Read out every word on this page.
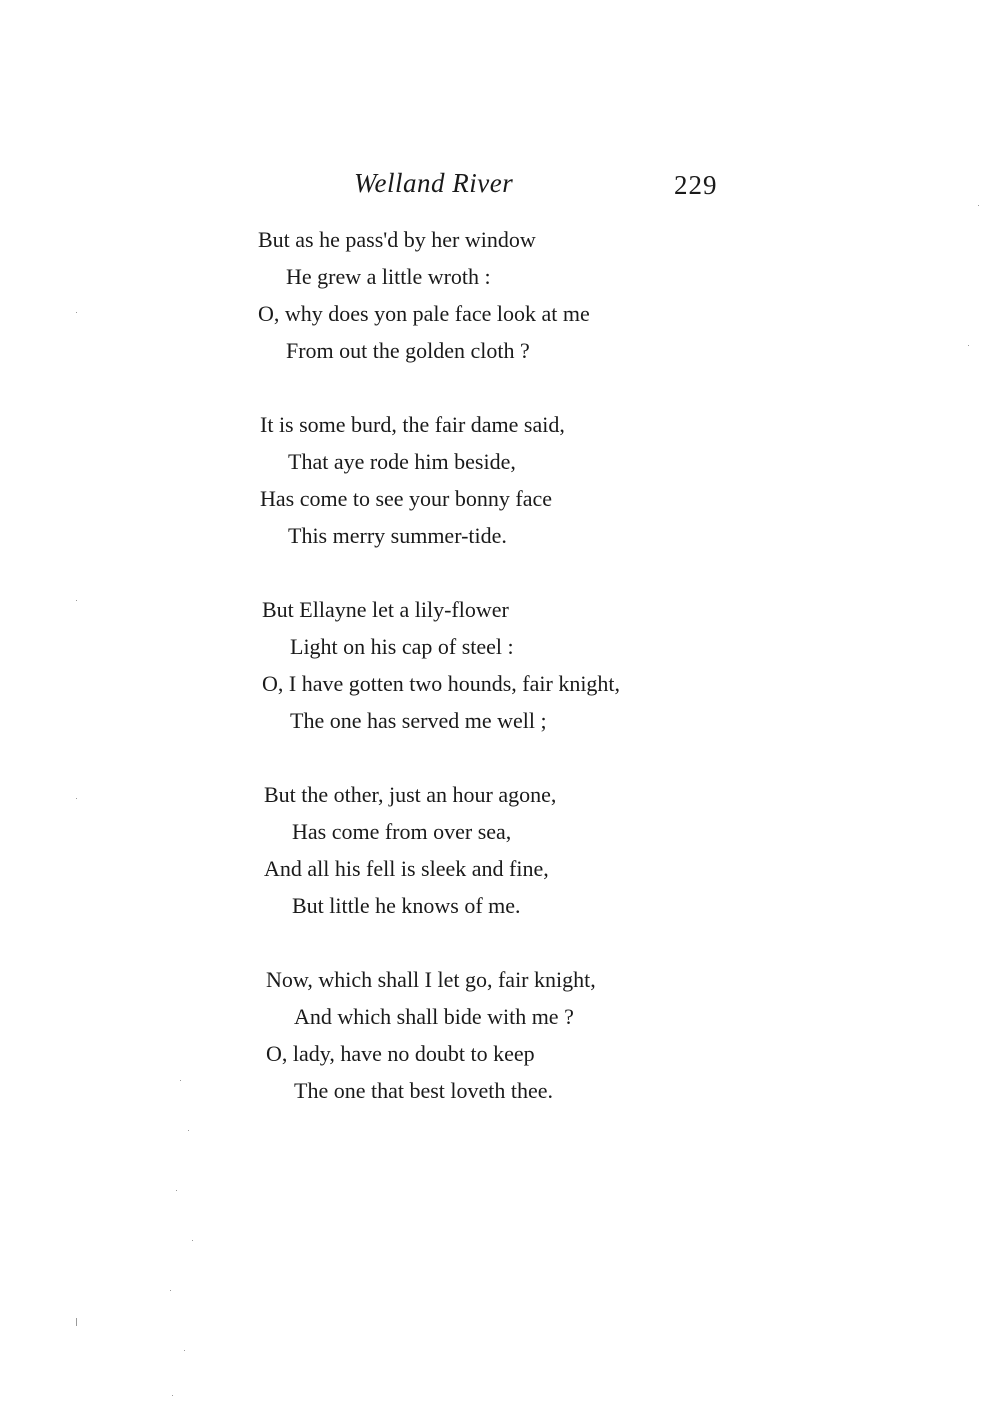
Welland River	229
But as he pass'd by her window
He grew a little wroth :
O, why does yon pale face look at me
From out the golden cloth ?
It is some burd, the fair dame said,
That aye rode him beside,
Has come to see your bonny face
This merry summer-tide.
But Ellayne let a lily-flower
Light on his cap of steel :
O, I have gotten two hounds, fair knight,
The one has served me well ;
But the other, just an hour agone,
Has come from over sea,
And all his fell is sleek and fine,
But little he knows of me.
Now, which shall I let go, fair knight,
And which shall bide with me ?
O, lady, have no doubt to keep
The one that best loveth thee.
